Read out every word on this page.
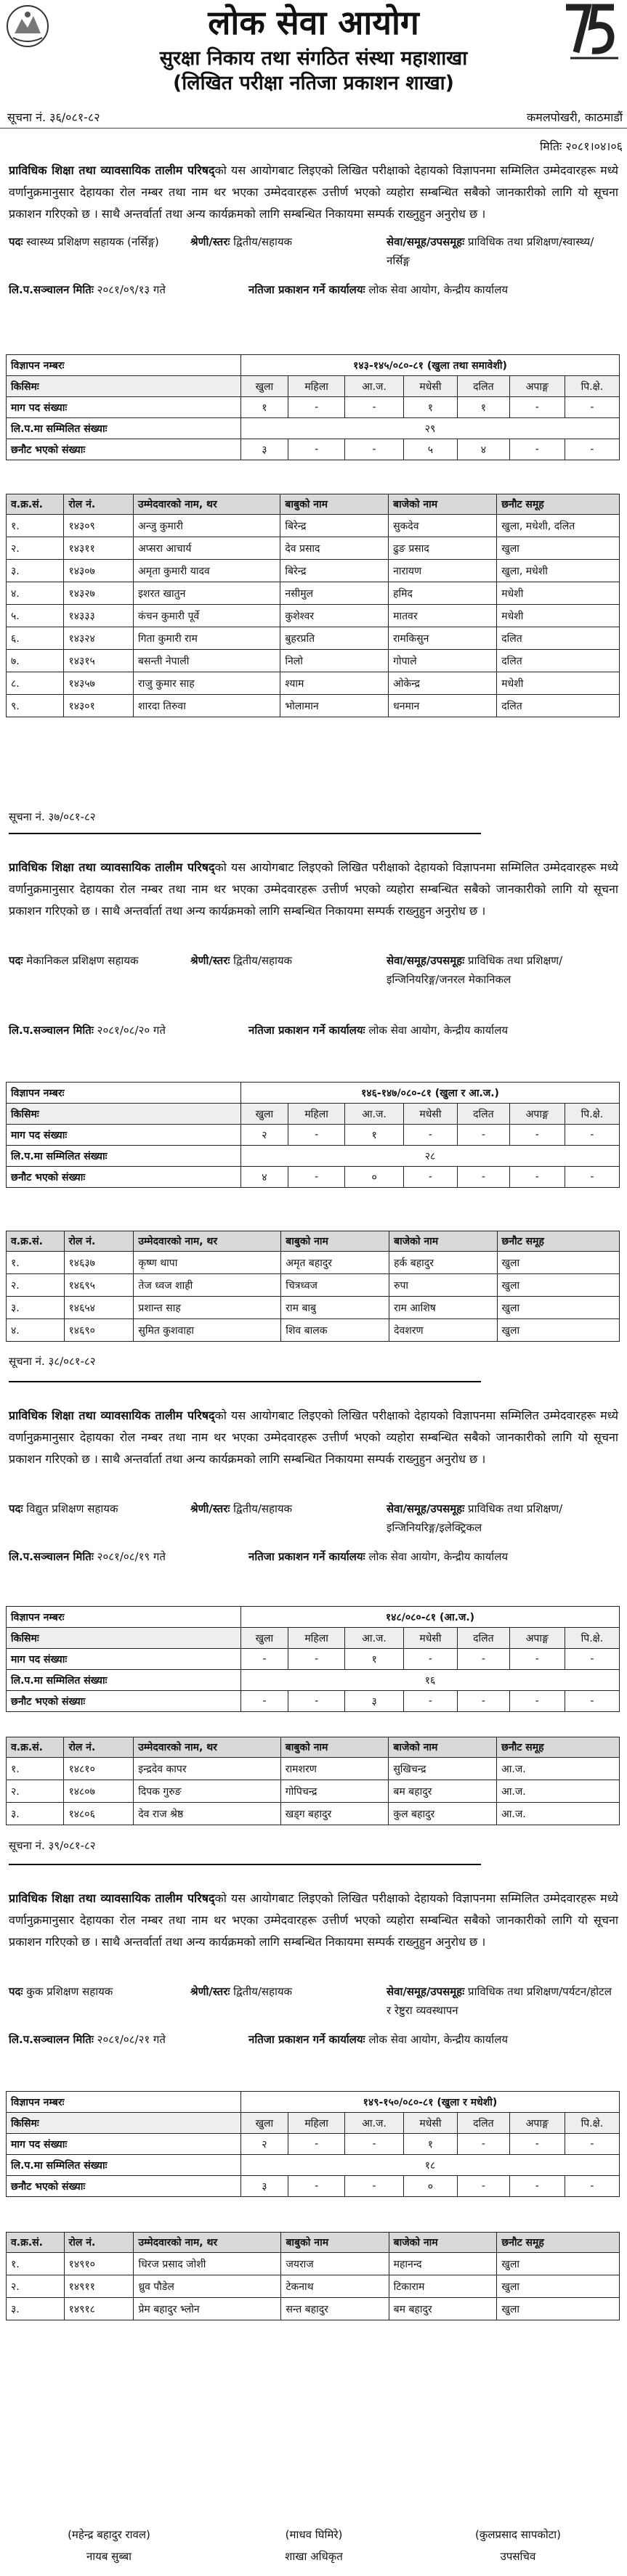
लोक सेवा आयोग
सुरक्षा निकाय तथा संगठित संस्था महाशाखा
(लिखित परीक्षा नतिजा प्रकाशन शाखा)
सूचना नं. ३६/०८१-८२	कमलपोखरी, काठमाडौं
मितिः २०८१।०४।०६
प्राविधिक शिक्षा तथा व्यावसायिक तालीम परिषद्को यस आयोगबाट लिइएको लिखित परीक्षाको देहायको विज्ञापनमा सम्मिलित उम्मेदवारहरू मध्ये वर्णानुक्रमानुसार देहायका रोल नम्बर तथा नाम थर भएका उम्मेदवारहरू उत्तीर्ण भएको व्यहोरा सम्बन्धित सबैको जानकारीको लागि यो सूचना प्रकाशन गरिएको छ । साथै अन्तर्वार्ता तथा अन्य कार्यक्रमको लागि सम्बन्धित निकायमा सम्पर्क राख्नुहुन अनुरोध छ ।
पदः स्वास्थ्य प्रशिक्षण सहायक (नर्सिङ्ग)	श्रेणी/स्तरः द्वितीय/सहायक	सेवा/समूह/उपसमूहः प्राविधिक तथा प्रशिक्षण/स्वास्थ्य/नर्सिङ्ग
लि.प.सञ्चालन मितिः २०८१/०९/१३ गते	नतिजा प्रकाशन गर्ने कार्यालयः लोक सेवा आयोग, केन्द्रीय कार्यालय
विज्ञापन नम्बरः	१४३-१४५/०८०-८१ (खुला तथा समावेशी)						
किसिमः	खुला	महिला	आ.ज.	मधेसी	दलित	अपाङ्ग	पि.क्षे.
माग पद संख्याः	१	-	-	१	१	-	-
लि.प.मा सम्मिलित संख्याः	२९						
छनौट भएको संख्याः	३	-	-	५	४	-	-
व.क्र.सं.	रोल नं.	उम्मेदवारको नाम, थर	बाबुको नाम	बाजेको नाम	छनौट समूह
१.	१४३०९	अन्जु कुमारी	बिरेन्द्र	सुकदेव	खुला, मधेशी, दलित
२.	१४३११	अप्सरा आचार्य	देव प्रसाद	ढुङ प्रसाद	खुला
३.	१४३०७	अमृता कुमारी यादव	बिरेन्द्र	नारायण	खुला, मधेशी
४.	१४३२७	इशरत खातुन	नसीमुल	हमिद	मधेशी
५.	१४३३३	कंचन कुमारी पूर्वे	कुशेश्वर	मातवर	मधेशी
६.	१४३२४	गिता कुमारी राम	बुहरप्रति	रामकिसुन	दलित
७.	१४३१५	बसन्ती नेपाली	निलो	गोपाले	दलित
८.	१४३५७	राजु कुमार साह	श्याम	ओकेन्द्र	मधेशी
९.	१४३०१	शारदा तिरुवा	भोलामान	धनमान	दलित
सूचना नं. ३७/०८१-८२
प्राविधिक शिक्षा तथा व्यावसायिक तालीम परिषद्को यस आयोगबाट लिइएको लिखित परीक्षाको देहायको विज्ञापनमा सम्मिलित उम्मेदवारहरू मध्ये वर्णानुक्रमानुसार देहायका रोल नम्बर तथा नाम थर भएका उम्मेदवारहरू उत्तीर्ण भएको व्यहोरा सम्बन्धित सबैको जानकारीको लागि यो सूचना प्रकाशन गरिएको छ । साथै अन्तर्वार्ता तथा अन्य कार्यक्रमको लागि सम्बन्धित निकायमा सम्पर्क राख्नुहुन अनुरोध छ ।
पदः मेकानिकल प्रशिक्षण सहायक	श्रेणी/स्तरः द्वितीय/सहायक	सेवा/समूह/उपसमूहः प्राविधिक तथा प्रशिक्षण/इन्जिनियरिङ्ग/जनरल मेकानिकल
लि.प.सञ्चालन मितिः २०८१/०८/२० गते	नतिजा प्रकाशन गर्ने कार्यालयः लोक सेवा आयोग, केन्द्रीय कार्यालय
विज्ञापन नम्बरः	१४६-१४७/०८०-८१ (खुला र आ.ज.)						
किसिमः	खुला	महिला	आ.ज.	मधेसी	दलित	अपाङ्ग	पि.क्षे.
माग पद संख्याः	२	-	१	-	-	-	-
लि.प.मा सम्मिलित संख्याः	२८						
छनौट भएको संख्याः	४	-	०	-	-	-	-
व.क्र.सं.	रोल नं.	उम्मेदवारको नाम, थर	बाबुको नाम	बाजेको नाम	छनौट समूह
१.	१४६३७	कृष्ण थापा	अमृत बहादुर	हर्क बहादुर	खुला
२.	१४६९५	तेज ध्वज शाही	चित्रध्वज	रुपा	खुला
३.	१४६५४	प्रशान्त साह	राम बाबु	राम आशिष	खुला
४.	१४६९०	सुमित कुशवाहा	शिव बालक	देवशरण	खुला
सूचना नं. ३८/०८१-८२
प्राविधिक शिक्षा तथा व्यावसायिक तालीम परिषद्को यस आयोगबाट लिइएको लिखित परीक्षाको देहायको विज्ञापनमा सम्मिलित उम्मेदवारहरू मध्ये वर्णानुक्रमानुसार देहायका रोल नम्बर तथा नाम थर भएका उम्मेदवारहरू उत्तीर्ण भएको व्यहोरा सम्बन्धित सबैको जानकारीको लागि यो सूचना प्रकाशन गरिएको छ । साथै अन्तर्वार्ता तथा अन्य कार्यक्रमको लागि सम्बन्धित निकायमा सम्पर्क राख्नुहुन अनुरोध छ ।
पदः विद्युत प्रशिक्षण सहायक	श्रेणी/स्तरः द्वितीय/सहायक	सेवा/समूह/उपसमूहः प्राविधिक तथा प्रशिक्षण/इन्जिनियरिङ्ग/इलेक्ट्रिकल
लि.प.सञ्चालन मितिः २०८१/०८/१९ गते	नतिजा प्रकाशन गर्ने कार्यालयः लोक सेवा आयोग, केन्द्रीय कार्यालय
विज्ञापन नम्बरः	१४८/०८०-८१ (आ.ज.)						
किसिमः	खुला	महिला	आ.ज.	मधेसी	दलित	अपाङ्ग	पि.क्षे.
माग पद संख्याः	-	-	१	-	-	-	-
लि.प.मा सम्मिलित संख्याः	१६						
छनौट भएको संख्याः	-	-	३	-	-	-	-
व.क्र.सं.	रोल नं.	उम्मेदवारको नाम, थर	बाबुको नाम	बाजेको नाम	छनौट समूह
१.	१४८१०	इन्द्रदेव कापर	रामशरण	सुखिचन्द्र	आ.ज.
२.	१४८०७	दिपक गुरुङ	गोपिचन्द्र	बम बहादुर	आ.ज.
३.	१४८०६	देव राज श्रेष्ठ	खड्ग बहादुर	कुल बहादुर	आ.ज.
सूचना नं. ३९/०८१-८२
प्राविधिक शिक्षा तथा व्यावसायिक तालीम परिषद्को यस आयोगबाट लिइएको लिखित परीक्षाको देहायको विज्ञापनमा सम्मिलित उम्मेदवारहरू मध्ये वर्णानुक्रमानुसार देहायका रोल नम्बर तथा नाम थर भएका उम्मेदवारहरू उत्तीर्ण भएको व्यहोरा सम्बन्धित सबैको जानकारीको लागि यो सूचना प्रकाशन गरिएको छ । साथै अन्तर्वार्ता तथा अन्य कार्यक्रमको लागि सम्बन्धित निकायमा सम्पर्क राख्नुहुन अनुरोध छ ।
पदः कुक प्रशिक्षण सहायक	श्रेणी/स्तरः द्वितीय/सहायक	सेवा/समूह/उपसमूहः प्राविधिक तथा प्रशिक्षण/पर्यटन/होटल र रेष्टुरा व्यवस्थापन
लि.प.सञ्चालन मितिः २०८१/०८/२१ गते	नतिजा प्रकाशन गर्ने कार्यालयः लोक सेवा आयोग, केन्द्रीय कार्यालय
विज्ञापन नम्बरः	१४९-१५०/०८०-८१ (खुला र मधेशी)						
किसिमः	खुला	महिला	आ.ज.	मधेसी	दलित	अपाङ्ग	पि.क्षे.
माग पद संख्याः	२	-	-	१	-	-	-
लि.प.मा सम्मिलित संख्याः	१८						
छनौट भएको संख्याः	३	-	-	०	-	-	-
व.क्र.सं.	रोल नं.	उम्मेदवारको नाम, थर	बाबुको नाम	बाजेको नाम	छनौट समूह
१.	१४९१०	धिरज प्रसाद जोशी	जयराज	महानन्द	खुला
२.	१४९११	ध्रुव पौडेल	टेकनाथ	टिकाराम	खुला
३.	१४९१८	प्रेम बहादुर भ्लोन	सन्त बहादुर	बम बहादुर	खुला
(महेन्द्र बहादुर रावल)
नायब सुब्बा
(माधव घिमिरे)
शाखा अधिकृत
(कुलप्रसाद सापकोटा)
उपसचिव
